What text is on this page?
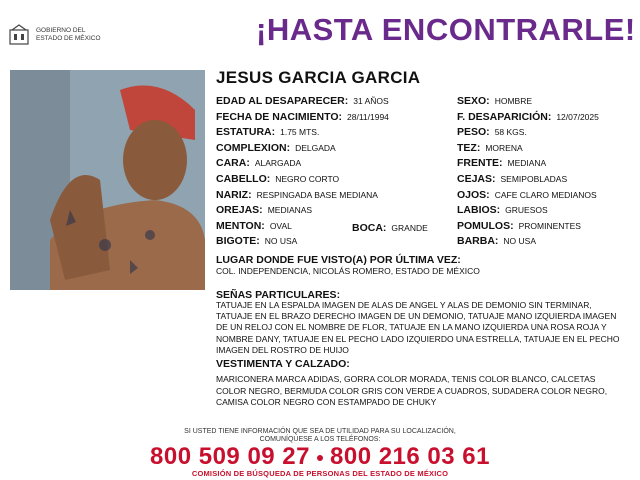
GOBIERNO DEL
ESTADO DE MÉXICO	¡HASTA ENCONTRARLE!
JESUS GARCIA GARCIA
EDAD AL DESAPARECER: 31 AÑOS
FECHA DE NACIMIENTO: 28/11/1994
ESTATURA: 1.75 MTS.
COMPLEXION: DELGADA
CARA: ALARGADA
CABELLO: NEGRO CORTO
NARIZ: RESPINGADA BASE MEDIANA
OREJAS: MEDIANAS
MENTON: OVAL
BIGOTE: NO USA
SEXO: HOMBRE
F. DESAPARICIÓN: 12/07/2025
PESO: 58 KGS.
TEZ: MORENA
FRENTE: MEDIANA
CEJAS: SEMIPOBLADAS
OJOS: CAFE CLARO MEDIANOS
LABIOS: GRUESOS
POMULOS: PROMINENTES
BARBA: NO USA
BOCA: GRANDE
LUGAR DONDE FUE VISTO(A) POR ÚLTIMA VEZ:
COL. INDEPENDENCIA, NICOLÁS ROMERO, ESTADO DE MÉXICO
SEÑAS PARTICULARES:
TATUAJE EN LA ESPALDA IMAGEN DE ALAS DE ANGEL Y ALAS DE DEMONIO SIN TERMINAR, TATUAJE EN EL BRAZO DERECHO IMAGEN DE UN DEMONIO, TATUAJE MANO IZQUIERDA IMAGEN DE UN RELOJ CON EL NOMBRE DE FLOR, TATUAJE EN LA MANO IZQUIERDA UNA ROSA ROJA Y NOMBRE DANY, TATUAJE EN EL PECHO LADO IZQUIERDO UNA ESTRELLA, TATUAJE EN EL PECHO IMAGEN DEL ROSTRO DE HUIJO
VESTIMENTA Y CALZADO:
MARICONERA MARCA ADIDAS, GORRA COLOR MORADA, TENIS COLOR BLANCO, CALCETAS COLOR NEGRO, BERMUDA COLOR GRIS CON VERDE A CUADROS, SUDADERA COLOR NEGRO, CAMISA COLOR NEGRO CON ESTAMPADO DE CHUKY
SI USTED TIENE INFORMACIÓN QUE SEA DE UTILIDAD PARA SU LOCALIZACIÓN,
COMUNÍQUESE A LOS TELÉFONOS:
800 509 09 27 800 216 03 61
COMISIÓN DE BÚSQUEDA DE PERSONAS DEL ESTADO DE MÉXICO
